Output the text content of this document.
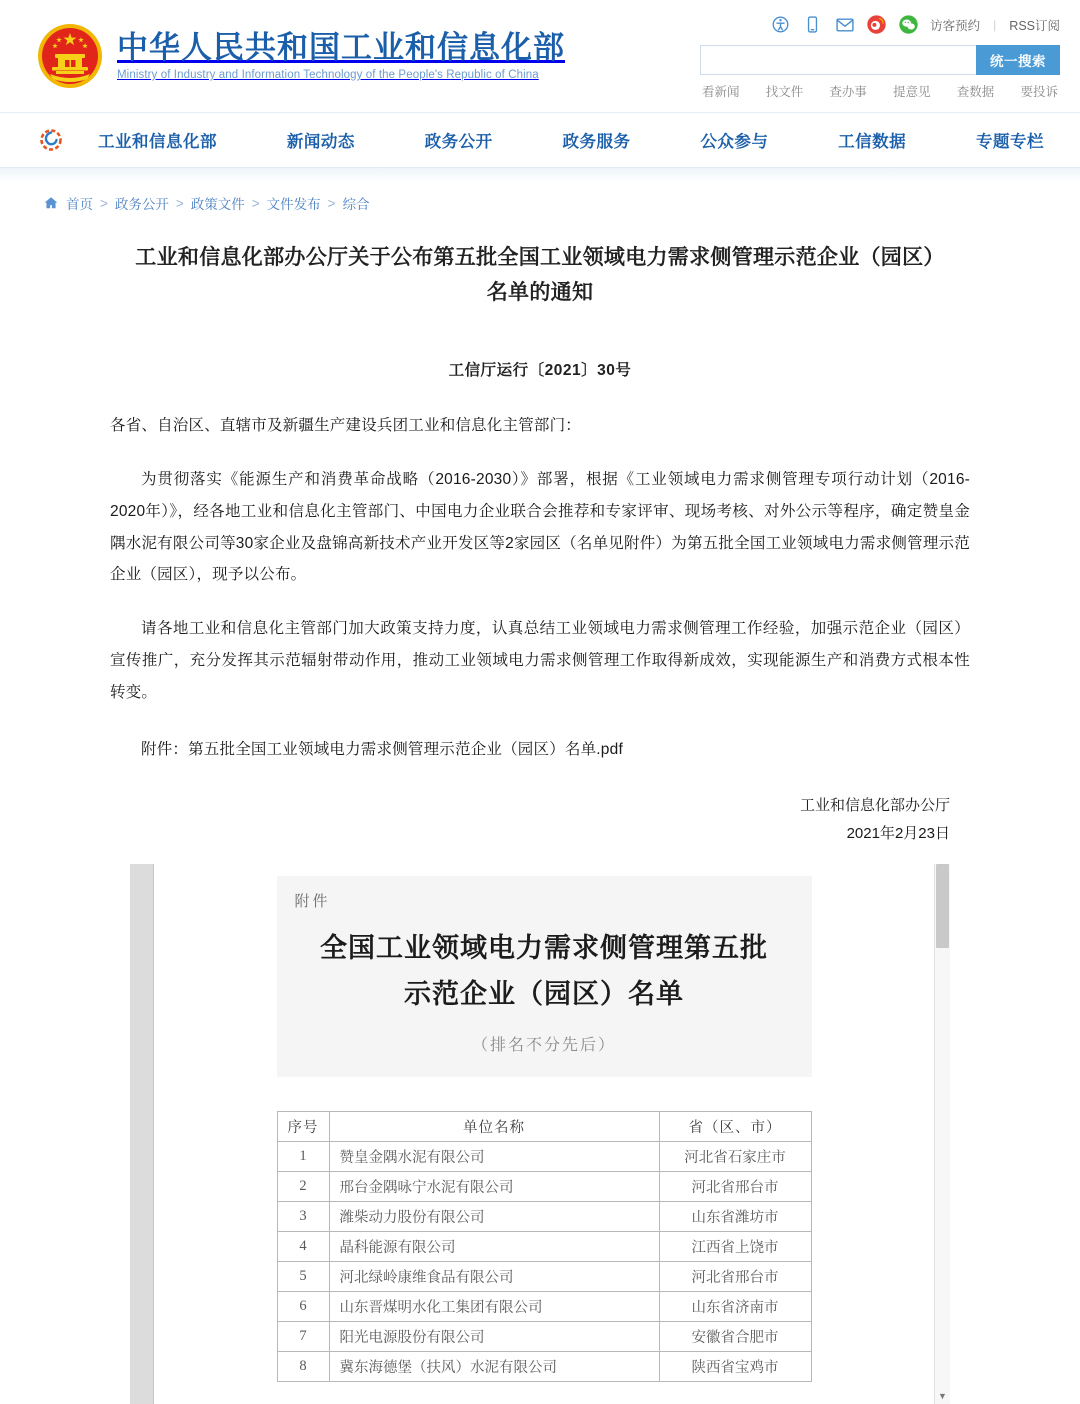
中华人民共和国工业和信息化部
Ministry of Industry and Information Technology of the People's Republic of China
访客预约 | RSS订阅
统一搜索
看新闻 找文件 查办事 提意见 查数据 要投诉
工业和信息化部	新闻动态	政务公开	政务服务	公众参与	工信数据	专题专栏
首页 > 政务公开 > 政策文件 > 文件发布 > 综合
工业和信息化部办公厅关于公布第五批全国工业领域电力需求侧管理示范企业（园区）名单的通知
工信厅运行〔2021〕30号

各省、自治区、直辖市及新疆生产建设兵团工业和信息化主管部门：

为贯彻落实《能源生产和消费革命战略（2016-2030）》部署，根据《工业领域电力需求侧管理专项行动计划（2016-2020年）》，经各地工业和信息化主管部门、中国电力企业联合会推荐和专家评审、现场考核、对外公示等程序，确定赞皇金隅水泥有限公司等30家企业及盘锦高新技术产业开发区等2家园区（名单见附件）为第五批全国工业领域电力需求侧管理示范企业（园区），现予以公布。

请各地工业和信息化主管部门加大政策支持力度，认真总结工业领域电力需求侧管理工作经验，加强示范企业（园区）宣传推广，充分发挥其示范辐射带动作用，推动工业领域电力需求侧管理工作取得新成效，实现能源生产和消费方式根本性转变。

附件：第五批全国工业领域电力需求侧管理示范企业（园区）名单.pdf

工业和信息化部办公厅
2021年2月23日
附件
全国工业领域电力需求侧管理第五批
示范企业（园区）名单
（排名不分先后）
序号	单位名称	省（区、市）
1	赞皇金隅水泥有限公司	河北省石家庄市
2	邢台金隅咏宁水泥有限公司	河北省邢台市
3	潍柴动力股份有限公司	山东省潍坊市
4	晶科能源有限公司	江西省上饶市
5	河北绿岭康维食品有限公司	河北省邢台市
6	山东晋煤明水化工集团有限公司	山东省济南市
7	阳光电源股份有限公司	安徽省合肥市
8	冀东海德堡（扶风）水泥有限公司	陕西省宝鸡市
▼
